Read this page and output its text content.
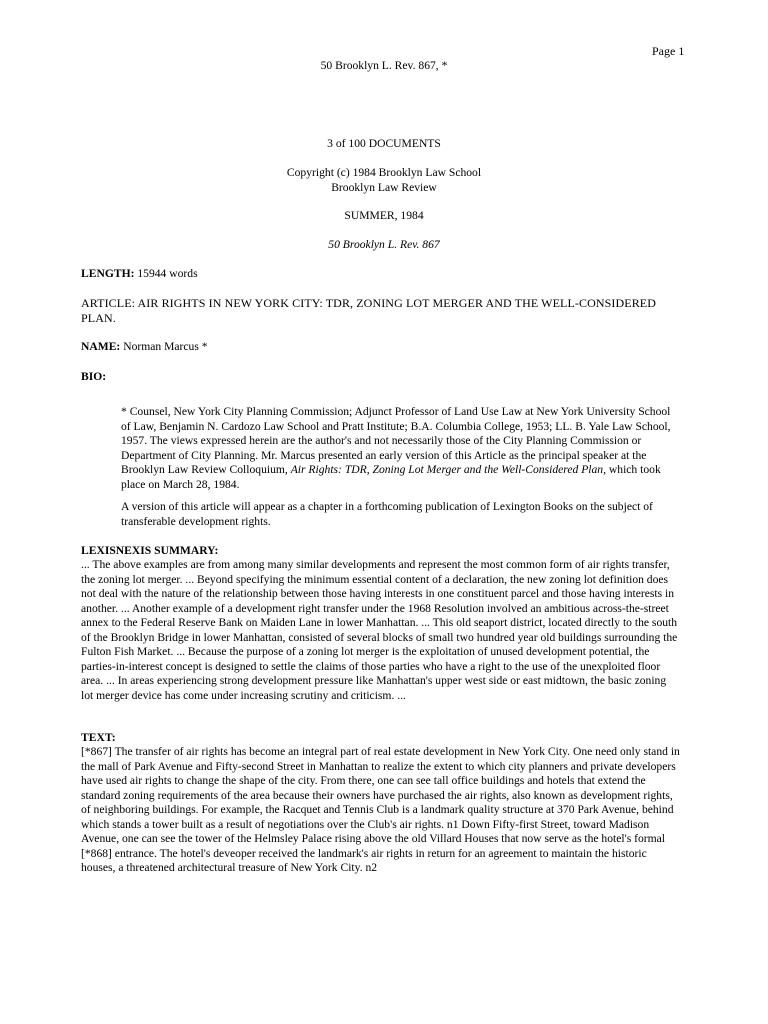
Page 1
50 Brooklyn L. Rev. 867, *
3 of 100 DOCUMENTS
Copyright (c) 1984 Brooklyn Law School
Brooklyn Law Review
SUMMER, 1984
50 Brooklyn L. Rev. 867
LENGTH: 15944 words
ARTICLE: AIR RIGHTS IN NEW YORK CITY: TDR, ZONING LOT MERGER AND THE WELL-CONSIDERED PLAN.
NAME: Norman Marcus *
BIO:
* Counsel, New York City Planning Commission; Adjunct Professor of Land Use Law at New York University School of Law, Benjamin N. Cardozo Law School and Pratt Institute; B.A. Columbia College, 1953; LL. B. Yale Law School, 1957. The views expressed herein are the author's and not necessarily those of the City Planning Commission or Department of City Planning. Mr. Marcus presented an early version of this Article as the principal speaker at the Brooklyn Law Review Colloquium, Air Rights: TDR, Zoning Lot Merger and the Well-Considered Plan, which took place on March 28, 1984.
A version of this article will appear as a chapter in a forthcoming publication of Lexington Books on the subject of transferable development rights.
LEXISNEXIS SUMMARY:
... The above examples are from among many similar developments and represent the most common form of air rights transfer, the zoning lot merger. ... Beyond specifying the minimum essential content of a declaration, the new zoning lot definition does not deal with the nature of the relationship between those having interests in one constituent parcel and those having interests in another. ... Another example of a development right transfer under the 1968 Resolution involved an ambitious across-the-street annex to the Federal Reserve Bank on Maiden Lane in lower Manhattan. ... This old seaport district, located directly to the south of the Brooklyn Bridge in lower Manhattan, consisted of several blocks of small two hundred year old buildings surrounding the Fulton Fish Market. ... Because the purpose of a zoning lot merger is the exploitation of unused development potential, the parties-in-interest concept is designed to settle the claims of those parties who have a right to the use of the unexploited floor area. ... In areas experiencing strong development pressure like Manhattan's upper west side or east midtown, the basic zoning lot merger device has come under increasing scrutiny and criticism. ...
TEXT:
[*867] The transfer of air rights has become an integral part of real estate development in New York City. One need only stand in the mall of Park Avenue and Fifty-second Street in Manhattan to realize the extent to which city planners and private developers have used air rights to change the shape of the city. From there, one can see tall office buildings and hotels that extend the standard zoning requirements of the area because their owners have purchased the air rights, also known as development rights, of neighboring buildings. For example, the Racquet and Tennis Club is a landmark quality structure at 370 Park Avenue, behind which stands a tower built as a result of negotiations over the Club's air rights. n1 Down Fifty-first Street, toward Madison Avenue, one can see the tower of the Helmsley Palace rising above the old Villard Houses that now serve as the hotel's formal [*868] entrance. The hotel's deveoper received the landmark's air rights in return for an agreement to maintain the historic houses, a threatened architectural treasure of New York City. n2
